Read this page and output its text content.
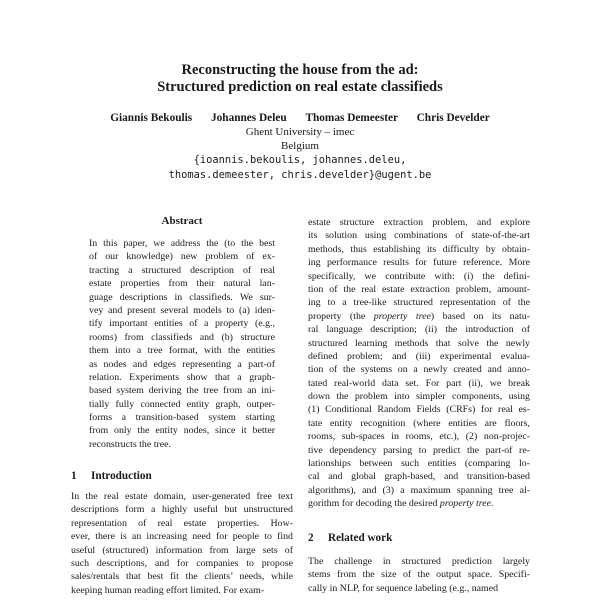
Reconstructing the house from the ad:
Structured prediction on real estate classifieds
Giannis Bekoulis Johannes Deleu Thomas Demeester Chris Develder
Ghent University – imec
Belgium
{ioannis.bekoulis, johannes.deleu,
thomas.demeester, chris.develder}@ugent.be
Abstract
In this paper, we address the (to the best
of our knowledge) new problem of ex-
tracting a structured description of real
estate properties from their natural lan-
guage descriptions in classifieds. We sur-
vey and present several models to (a) iden-
tify important entities of a property (e.g.,
rooms) from classifieds and (b) structure
them into a tree format, with the entities
as nodes and edges representing a part-of
relation. Experiments show that a graph-
based system deriving the tree from an ini-
tially fully connected entity graph, outper-
forms a transition-based system starting
from only the entity nodes, since it better
reconstructs the tree.
1 Introduction
In the real estate domain, user-generated free text
descriptions form a highly useful but unstructured
representation of real estate properties. How-
ever, there is an increasing need for people to find
useful (structured) information from large sets of
such descriptions, and for companies to propose
sales/rentals that best fit the clients’ needs, while
keeping human reading effort limited. For exam-
estate structure extraction problem, and explore
its solution using combinations of state-of-the-art
methods, thus establishing its difficulty by obtain-
ing performance results for future reference. More
specifically, we contribute with: (i) the defini-
tion of the real estate extraction problem, amount-
ing to a tree-like structured representation of the
property (the property tree) based on its natu-
ral language description; (ii) the introduction of
structured learning methods that solve the newly
defined problem; and (iii) experimental evalua-
tion of the systems on a newly created and anno-
tated real-world data set. For part (ii), we break
down the problem into simpler components, using
(1) Conditional Random Fields (CRFs) for real es-
tate entity recognition (where entities are floors,
rooms, sub-spaces in rooms, etc.), (2) non-projec-
tive dependency parsing to predict the part-of re-
lationships between such entities (comparing lo-
cal and global graph-based, and transition-based
algorithms), and (3) a maximum spanning tree al-
gorithm for decoding the desired property tree.
2 Related work
The challenge in structured prediction largely
stems from the size of the output space. Specifi-
cally in NLP, for sequence labeling (e.g., named
